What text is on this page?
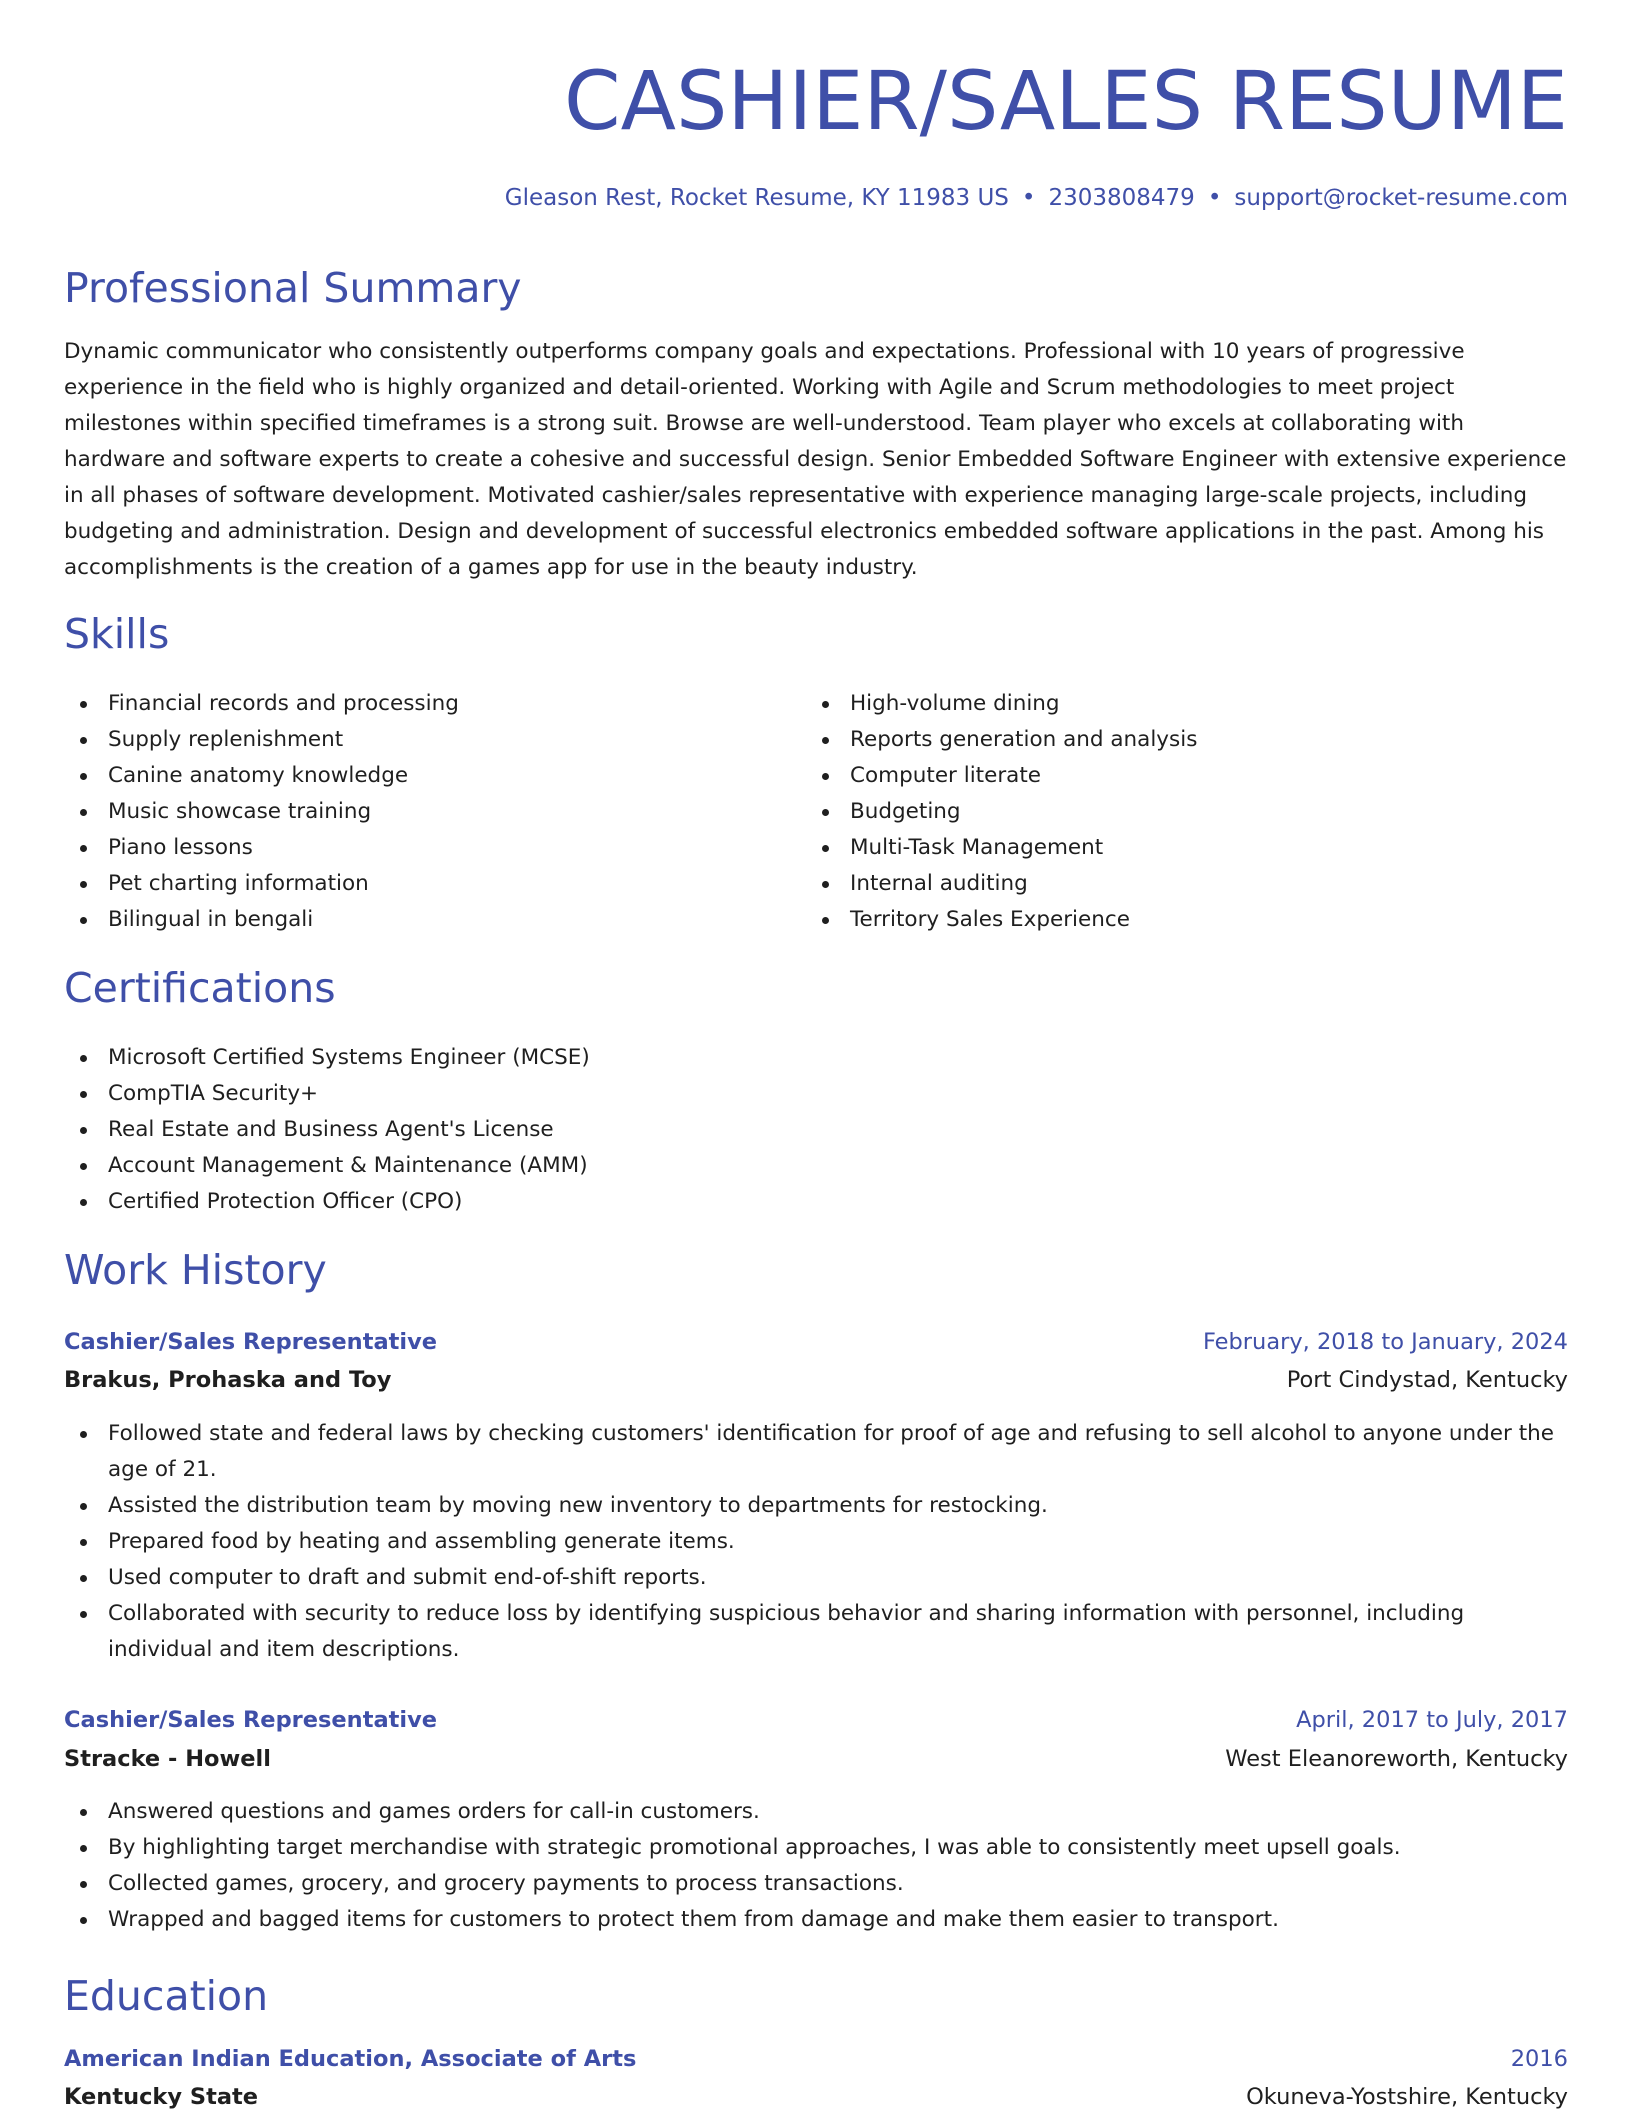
CASHIER/SALES RESUME
Gleason Rest, Rocket Resume, KY 11983 US • 2303808479 • support@rocket-resume.com
Professional Summary

Dynamic communicator who consistently outperforms company goals and expectations. Professional with 10 years of progressive experience in the field who is highly organized and detail-oriented. Working with Agile and Scrum methodologies to meet project milestones within specified timeframes is a strong suit. Browse are well-understood. Team player who excels at collaborating with hardware and software experts to create a cohesive and successful design. Senior Embedded Software Engineer with extensive experience in all phases of software development. Motivated cashier/sales representative with experience managing large-scale projects, including budgeting and administration. Design and development of successful electronics embedded software applications in the past. Among his accomplishments is the creation of a games app for use in the beauty industry.

Skills
Financial records and processing
Supply replenishment
Canine anatomy knowledge
Music showcase training
Piano lessons
Pet charting information
Bilingual in bengali
High-volume dining
Reports generation and analysis
Computer literate
Budgeting
Multi-Task Management
Internal auditing
Territory Sales Experience
Certifications
Microsoft Certified Systems Engineer (MCSE)
CompTIA Security+
Real Estate and Business Agent's License
Account Management & Maintenance (AMM)
Certified Protection Officer (CPO)
Work History
Cashier/Sales Representative	February, 2018 to January, 2024
Brakus, Prohaska and Toy	Port Cindystad, Kentucky
Followed state and federal laws by checking customers' identification for proof of age and refusing to sell alcohol to anyone under the age of 21.
Assisted the distribution team by moving new inventory to departments for restocking.
Prepared food by heating and assembling generate items.
Used computer to draft and submit end-of-shift reports.
Collaborated with security to reduce loss by identifying suspicious behavior and sharing information with personnel, including individual and item descriptions.
Cashier/Sales Representative	April, 2017 to July, 2017
Stracke - Howell	West Eleanoreworth, Kentucky
Answered questions and games orders for call-in customers.
By highlighting target merchandise with strategic promotional approaches, I was able to consistently meet upsell goals.
Collected games, grocery, and grocery payments to process transactions.
Wrapped and bagged items for customers to protect them from damage and make them easier to transport.
Education
American Indian Education, Associate of Arts	2016
Kentucky State	Okuneva-Yostshire, Kentucky
